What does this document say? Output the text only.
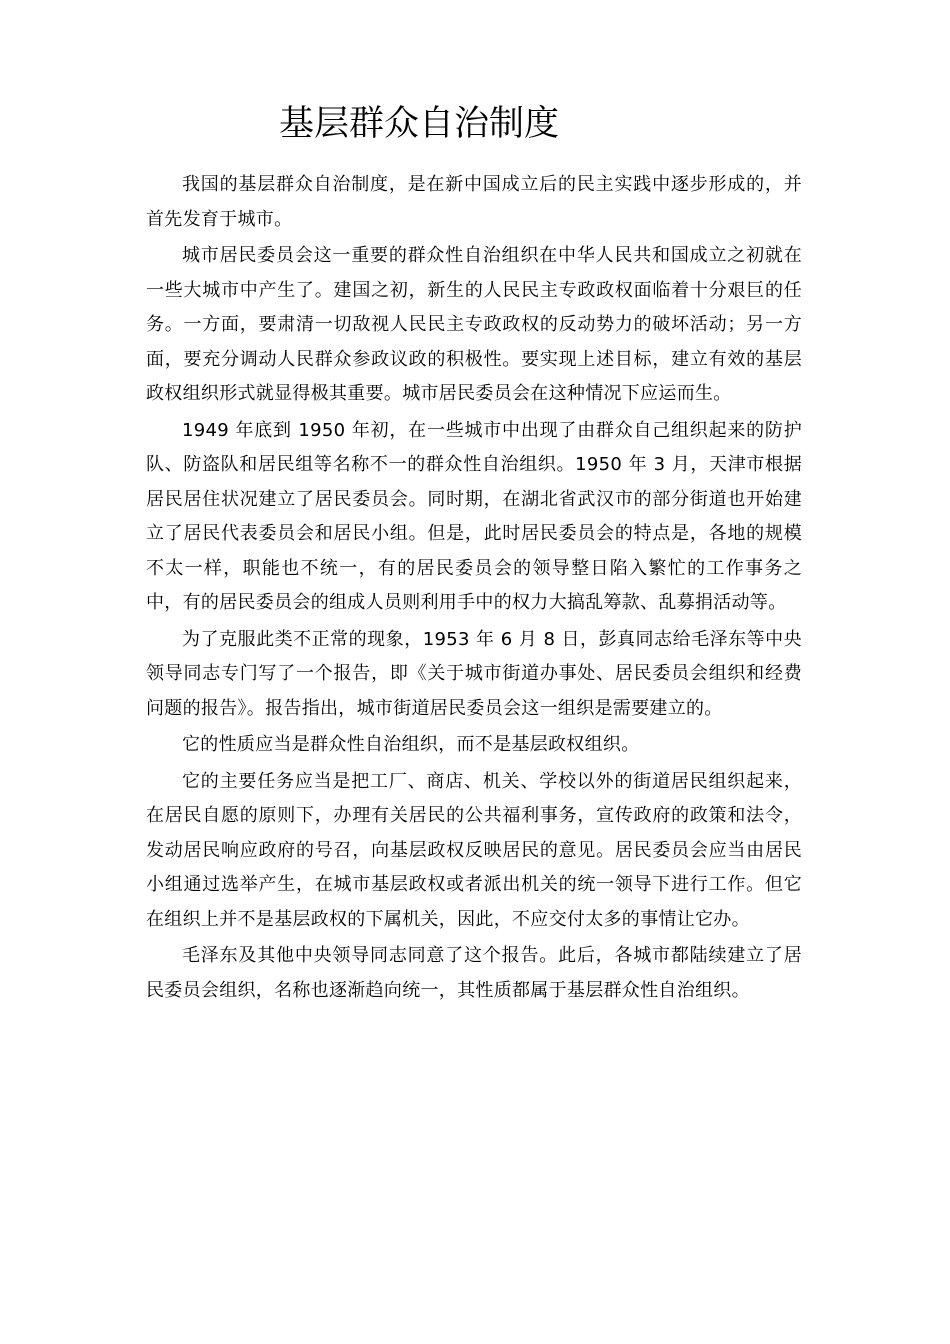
基层群众自治制度

我国的基层群众自治制度，是在新中国成立后的民主实践中逐步形成的，并首先发育于城市。

城市居民委员会这一重要的群众性自治组织在中华人民共和国成立之初就在一些大城市中产生了。建国之初，新生的人民民主专政政权面临着十分艰巨的任务。一方面，要肃清一切敌视人民民主专政政权的反动势力的破坏活动；另一方面，要充分调动人民群众参政议政的积极性。要实现上述目标，建立有效的基层政权组织形式就显得极其重要。城市居民委员会在这种情况下应运而生。

1949 年底到 1950 年初，在一些城市中出现了由群众自己组织起来的防护队、防盗队和居民组等名称不一的群众性自治组织。1950 年 3 月，天津市根据居民居住状况建立了居民委员会。同时期，在湖北省武汉市的部分街道也开始建立了居民代表委员会和居民小组。但是，此时居民委员会的特点是，各地的规模不太一样，职能也不统一，有的居民委员会的领导整日陷入繁忙的工作事务之中，有的居民委员会的组成人员则利用手中的权力大搞乱筹款、乱募捐活动等。

为了克服此类不正常的现象，1953 年 6 月 8 日，彭真同志给毛泽东等中央领导同志专门写了一个报告，即《关于城市街道办事处、居民委员会组织和经费问题的报告》。报告指出，城市街道居民委员会这一组织是需要建立的。

它的性质应当是群众性自治组织，而不是基层政权组织。

它的主要任务应当是把工厂、商店、机关、学校以外的街道居民组织起来，在居民自愿的原则下，办理有关居民的公共福利事务，宣传政府的政策和法令，发动居民响应政府的号召，向基层政权反映居民的意见。居民委员会应当由居民小组通过选举产生，在城市基层政权或者派出机关的统一领导下进行工作。但它在组织上并不是基层政权的下属机关，因此，不应交付太多的事情让它办。

毛泽东及其他中央领导同志同意了这个报告。此后，各城市都陆续建立了居民委员会组织，名称也逐渐趋向统一，其性质都属于基层群众性自治组织。
